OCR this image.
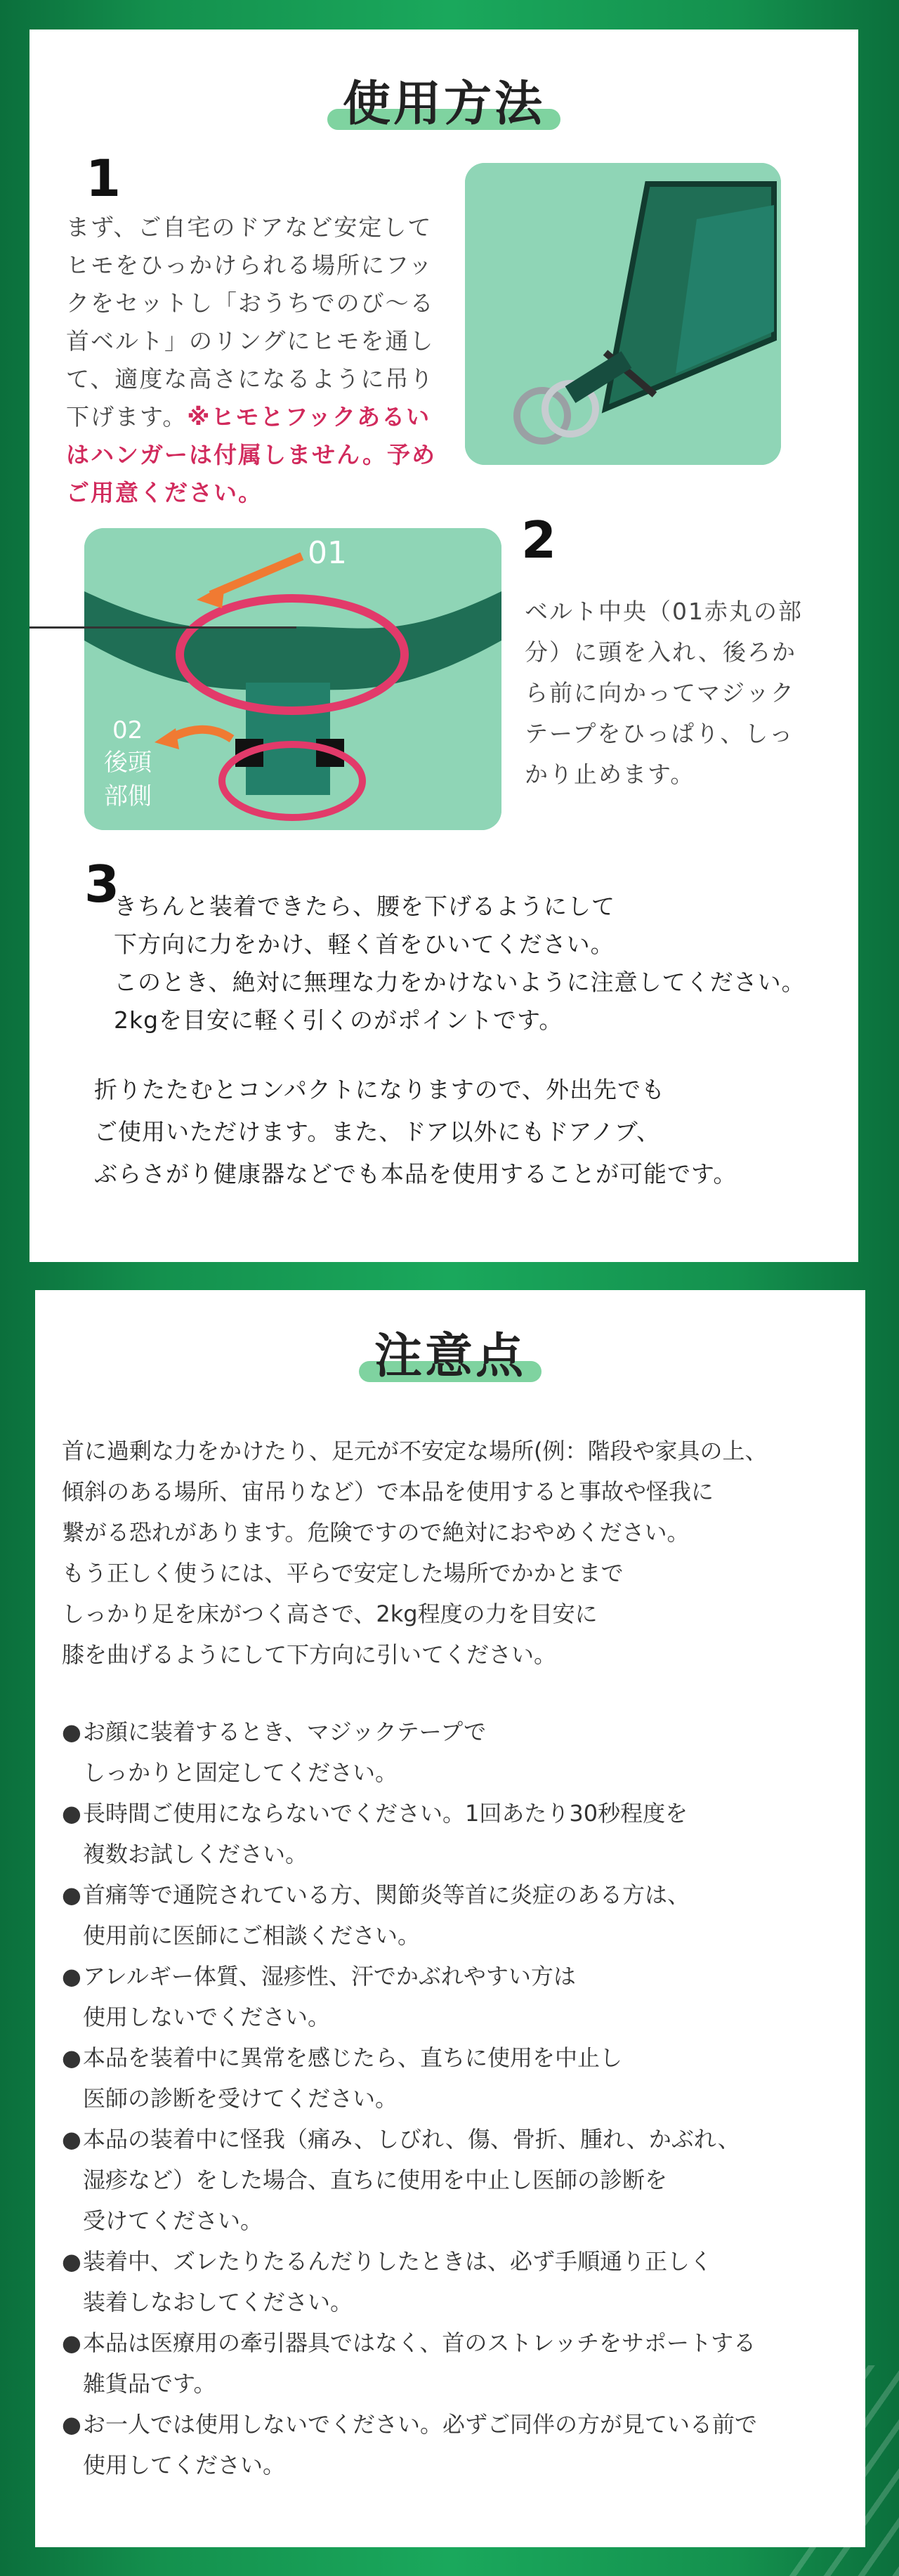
使用方法
1
まず、ご自宅のドアなど安定して
ヒモをひっかけられる場所にフッ
クをセットし「おうちでのび〜る
首ベルト」のリングにヒモを通し
て、適度な高さになるように吊り
下げます。※ヒモとフックあるい
はハンガーは付属しません。予め
ご用意ください。
01
02
後頭
部側
2
ベルト中央（01赤丸の部
分）に頭を入れ、後ろか
ら前に向かってマジック
テープをひっぱり、しっ
かり止めます。
3
きちんと装着できたら、腰を下げるようにして
下方向に力をかけ、軽く首をひいてください。
このとき、絶対に無理な力をかけないように注意してください。
2kgを目安に軽く引くのがポイントです。
折りたたむとコンパクトになりますので、外出先でも
ご使用いただけます。また、ドア以外にもドアノブ、
ぶらさがり健康器などでも本品を使用することが可能です。
注意点
首に過剰な力をかけたり、足元が不安定な場所(例：階段や家具の上、
傾斜のある場所、宙吊りなど）で本品を使用すると事故や怪我に
繋がる恐れがあります。危険ですので絶対におやめください。
もう正しく使うには、平らで安定した場所でかかとまで
しっかり足を床がつく高さで、2kg程度の力を目安に
膝を曲げるようにして下方向に引いてください。
● お顔に装着するとき、マジックテープで
しっかりと固定してください。
● 長時間ご使用にならないでください。1回あたり30秒程度を
複数お試しください。
● 首痛等で通院されている方、関節炎等首に炎症のある方は、
使用前に医師にご相談ください。
● アレルギー体質、湿疹性、汗でかぶれやすい方は
使用しないでください。
● 本品を装着中に異常を感じたら、直ちに使用を中止し
医師の診断を受けてください。
● 本品の装着中に怪我（痛み、しびれ、傷、骨折、腫れ、かぶれ、
湿疹など）をした場合、直ちに使用を中止し医師の診断を
受けてください。
● 装着中、ズレたりたるんだりしたときは、必ず手順通り正しく
装着しなおしてください。
● 本品は医療用の牽引器具ではなく、首のストレッチをサポートする
雑貨品です。
● お一人では使用しないでください。必ずご同伴の方が見ている前で
使用してください。
